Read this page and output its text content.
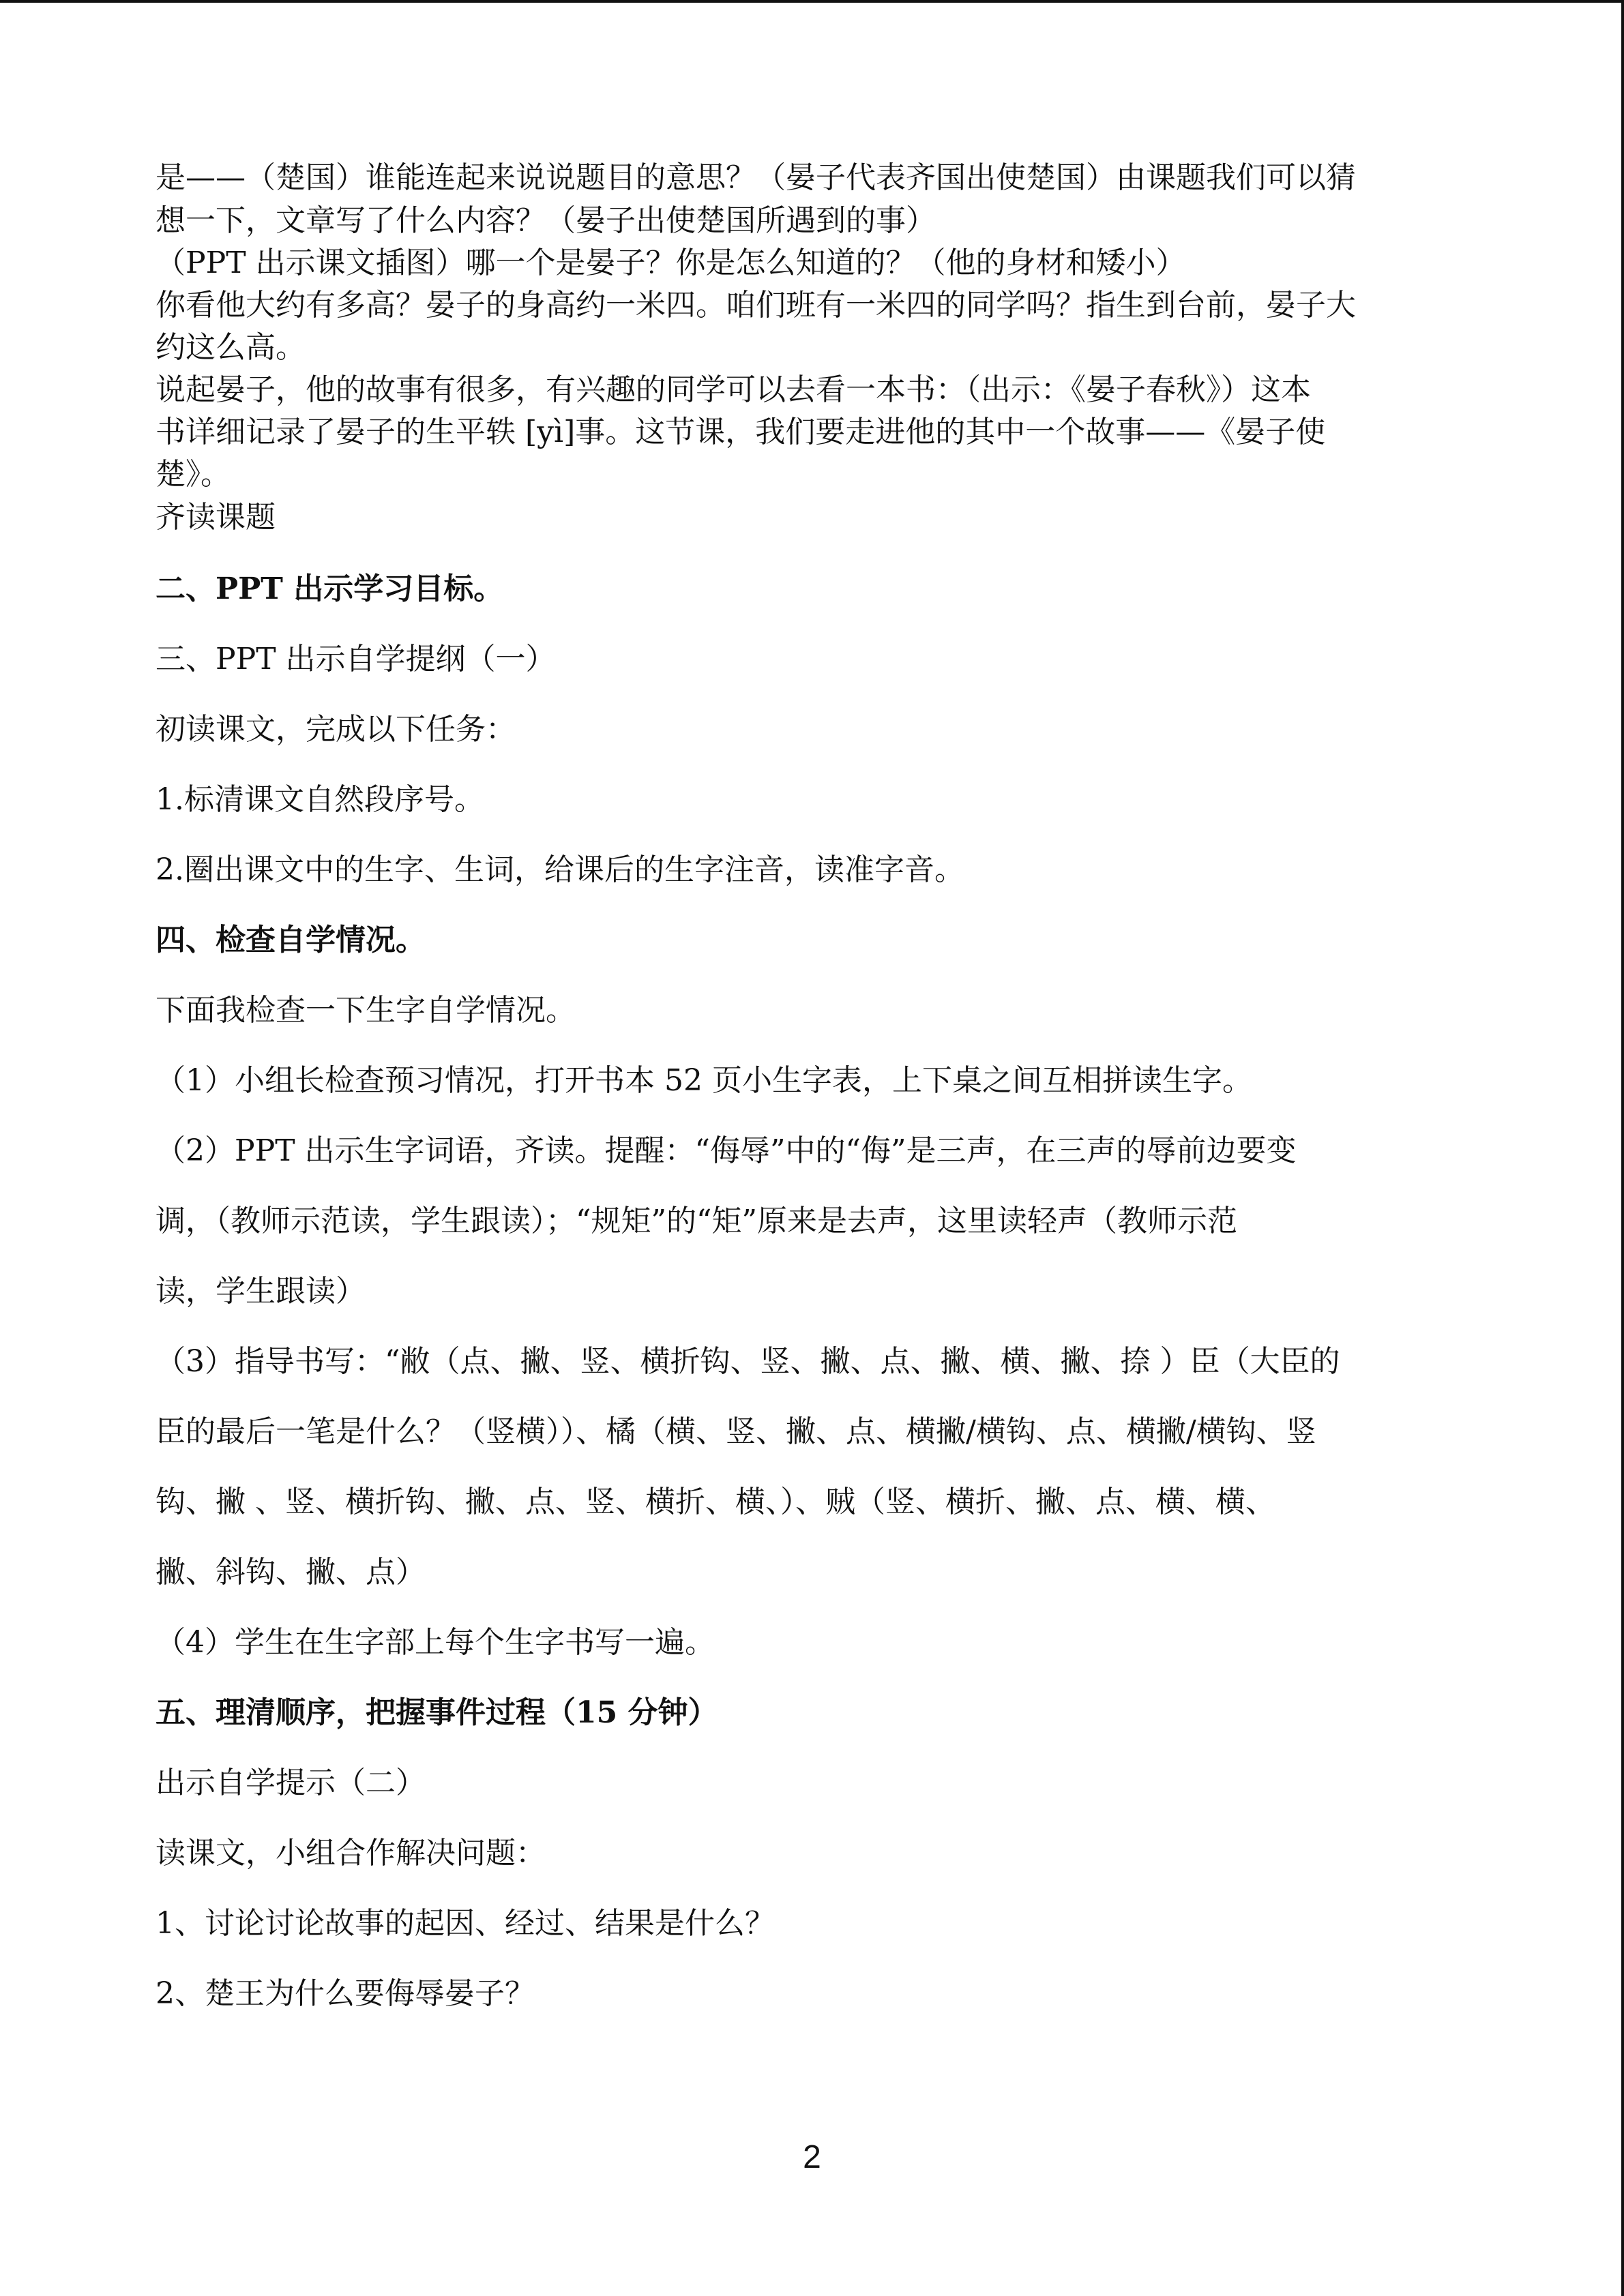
是——（楚国）谁能连起来说说题目的意思？（晏子代表齐国出使楚国）由课题我们可以猜
想一下，文章写了什么内容？（晏子出使楚国所遇到的事）
（PPT 出示课文插图）哪一个是晏子？你是怎么知道的？（他的身材和矮小）
你看他大约有多高？晏子的身高约一米四。咱们班有一米四的同学吗？指生到台前，晏子大
约这么高。
说起晏子，他的故事有很多，有兴趣的同学可以去看一本书：（出示：《晏子春秋》）这本
书详细记录了晏子的生平轶 [yì]事。这节课，我们要走进他的其中一个故事——《晏子使
楚》。
齐读课题
二、PPT 出示学习目标。
三、PPT 出示自学提纲（一）
初读课文，完成以下任务：
1.标清课文自然段序号。
2.圈出课文中的生字、生词，给课后的生字注音，读准字音。
四、检查自学情况。
下面我检查一下生字自学情况。
（1）小组长检查预习情况，打开书本 52 页小生字表，上下桌之间互相拼读生字。
（2）PPT 出示生字词语，齐读。提醒：“侮辱”中的“侮”是三声，在三声的辱前边要变
调，（教师示范读，学生跟读）；“规矩”的“矩”原来是去声，这里读轻声（教师示范
读，学生跟读）
（3）指导书写：“敝（点、撇、竖、横折钩、竖、撇、点、撇、横、撇、捺 ）臣（大臣的
臣的最后一笔是什么？（竖横））、橘（横、竖、撇、点、横撇/横钩、点、横撇/横钩、竖
钩、撇 、竖、横折钩、撇、点、竖、横折、横、）、贼（竖、横折、撇、点、横、横、
撇、斜钩、撇、点）
（4）学生在生字部上每个生字书写一遍。
五、理清顺序，把握事件过程（15 分钟）
出示自学提示（二）
读课文，小组合作解决问题：
1、讨论讨论故事的起因、经过、结果是什么？
2、楚王为什么要侮辱晏子？
2
